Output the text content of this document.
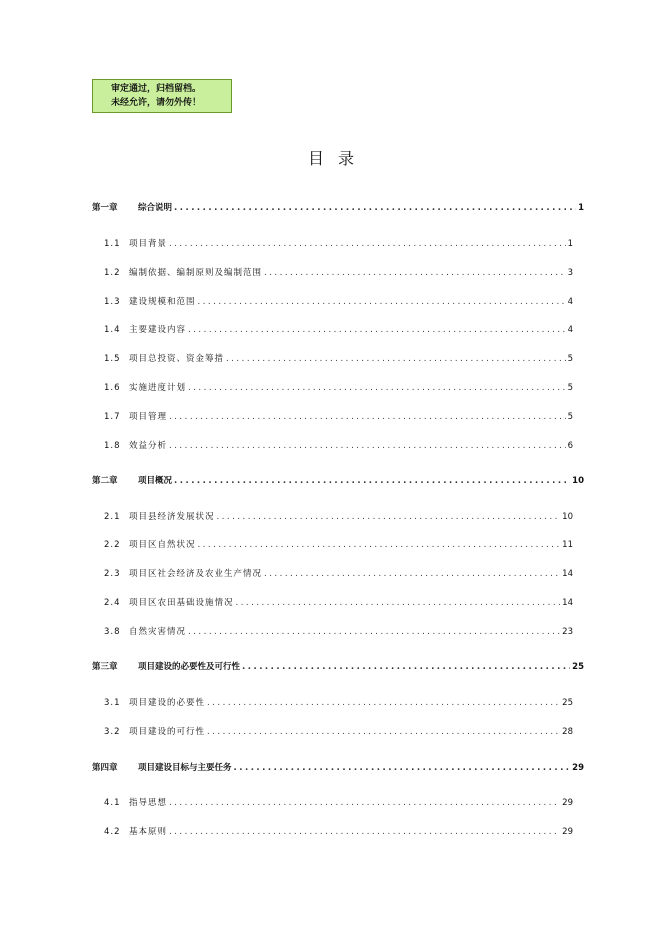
审定通过，归档留档。
未经允许，请勿外传！
目录
第一章	综合说明 .....	1
1.1 项目背景 .....	1
1.2 编制依据、编制原则及编制范围 .....	3
1.3 建设规模和范围 .....	4
1.4 主要建设内容 .....	4
1.5 项目总投资、资金筹措 .....	5
1.6 实施进度计划 .....	5
1.7 项目管理 .....	5
1.8 效益分析 .....	6
第二章	项目概况 .....	10
2.1 项目县经济发展状况 .....	10
2.2 项目区自然状况 .....	11
2.3 项目区社会经济及农业生产情况 .....	14
2.4 项目区农田基础设施情况 .....	14
3.8 自然灾害情况 .....	23
第三章	项目建设的必要性及可行性 .....	25
3.1 项目建设的必要性 .....	25
3.2 项目建设的可行性 .....	28
第四章	项目建设目标与主要任务 .....	29
4.1 指导思想 .....	29
4.2 基本原则 .....	29
